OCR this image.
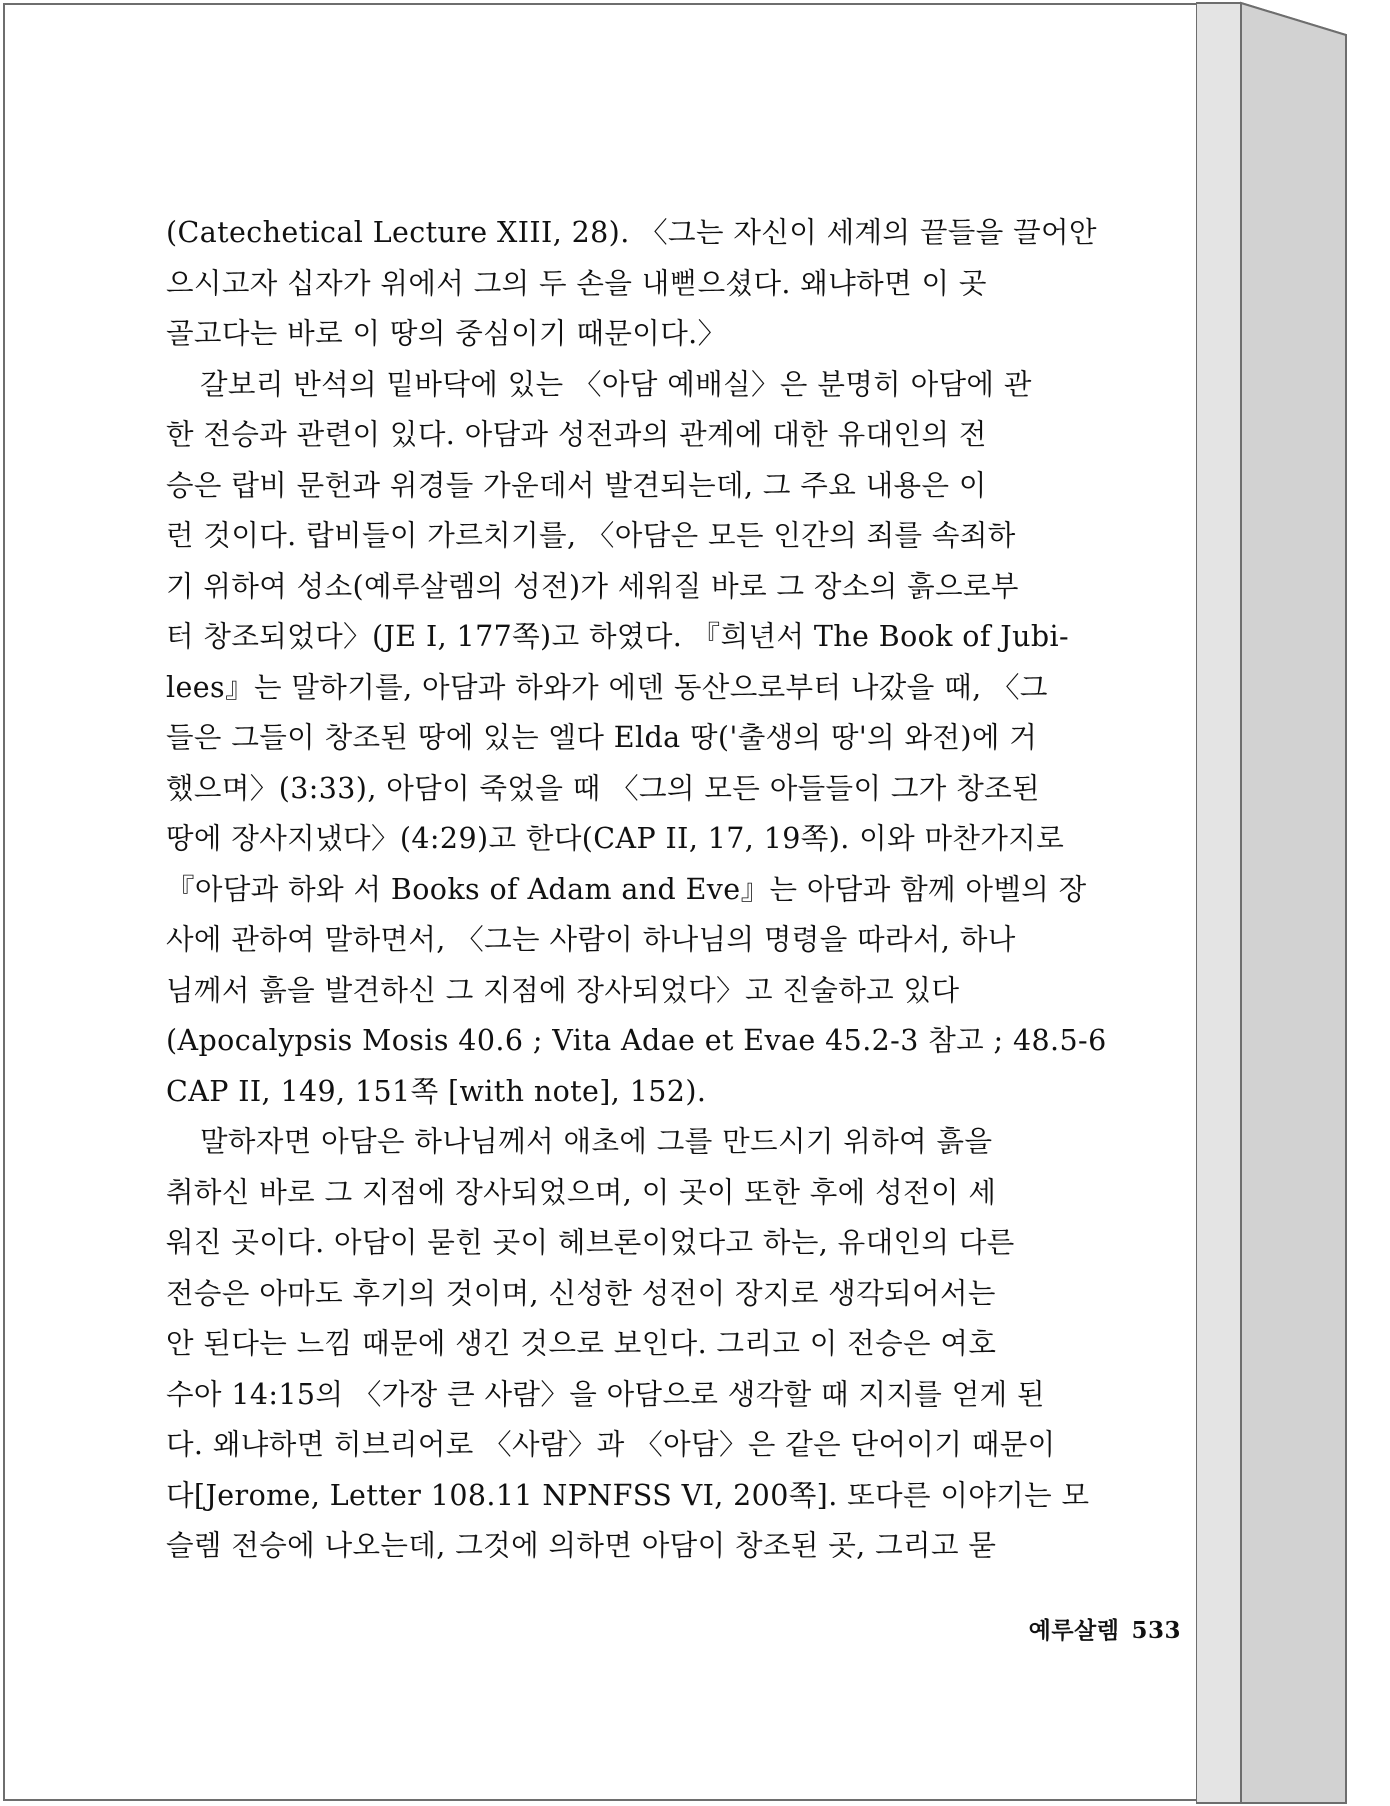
(Catechetical Lecture XIII, 28). 〈그는 자신이 세계의 끝들을 끌어안
으시고자 십자가 위에서 그의 두 손을 내뻗으셨다. 왜냐하면 이 곳
골고다는 바로 이 땅의 중심이기 때문이다.〉
갈보리 반석의 밑바닥에 있는 〈아담 예배실〉은 분명히 아담에 관
한 전승과 관련이 있다. 아담과 성전과의 관계에 대한 유대인의 전
승은 랍비 문헌과 위경들 가운데서 발견되는데, 그 주요 내용은 이
런 것이다. 랍비들이 가르치기를, 〈아담은 모든 인간의 죄를 속죄하
기 위하여 성소(예루살렘의 성전)가 세워질 바로 그 장소의 흙으로부
터 창조되었다〉(JE I, 177쪽)고 하였다. 『희년서 The Book of Jubi-
lees』는 말하기를, 아담과 하와가 에덴 동산으로부터 나갔을 때, 〈그
들은 그들이 창조된 땅에 있는 엘다 Elda 땅('출생의 땅'의 와전)에 거
했으며〉(3:33), 아담이 죽었을 때 〈그의 모든 아들들이 그가 창조된
땅에 장사지냈다〉(4:29)고 한다(CAP II, 17, 19쪽). 이와 마찬가지로
『아담과 하와 서 Books of Adam and Eve』는 아담과 함께 아벨의 장
사에 관하여 말하면서, 〈그는 사람이 하나님의 명령을 따라서, 하나
님께서 흙을 발견하신 그 지점에 장사되었다〉고 진술하고 있다
(Apocalypsis Mosis 40.6 ; Vita Adae et Evae 45.2-3 참고 ; 48.5-6
CAP II, 149, 151쪽 [with note], 152).
말하자면 아담은 하나님께서 애초에 그를 만드시기 위하여 흙을
취하신 바로 그 지점에 장사되었으며, 이 곳이 또한 후에 성전이 세
워진 곳이다. 아담이 묻힌 곳이 헤브론이었다고 하는, 유대인의 다른
전승은 아마도 후기의 것이며, 신성한 성전이 장지로 생각되어서는
안 된다는 느낌 때문에 생긴 것으로 보인다. 그리고 이 전승은 여호
수아 14:15의 〈가장 큰 사람〉을 아담으로 생각할 때 지지를 얻게 된
다. 왜냐하면 히브리어로 〈사람〉과 〈아담〉은 같은 단어이기 때문이
다[Jerome, Letter 108.11 NPNFSS VI, 200쪽]. 또다른 이야기는 모
슬렘 전승에 나오는데, 그것에 의하면 아담이 창조된 곳, 그리고 묻
예루살렘 533
